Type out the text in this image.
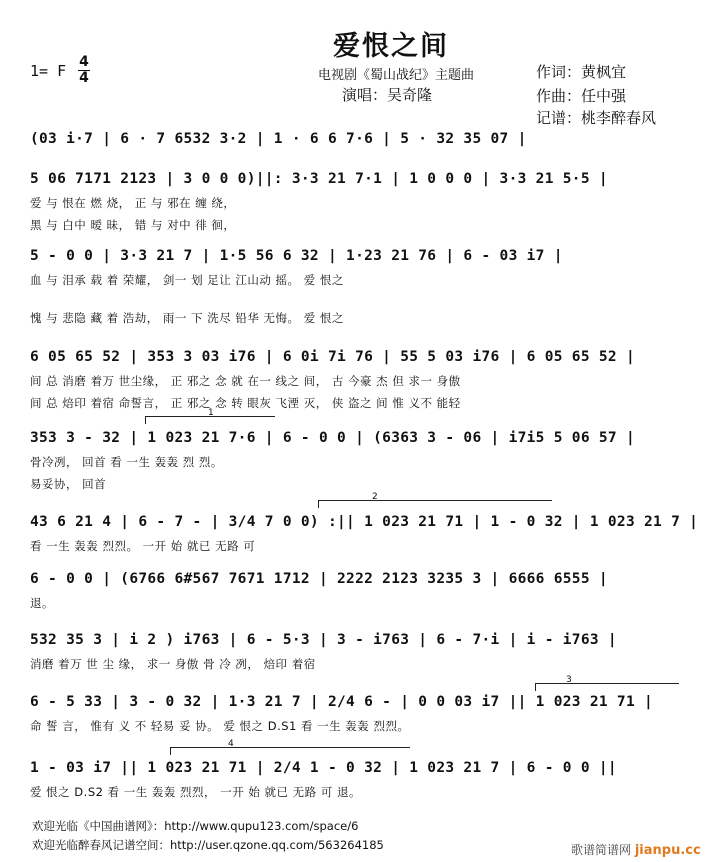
爱恨之间
1= F 4
4	电视剧《蜀山战纪》主题曲
演唱：吴奇隆
作词：黄枫宜
作曲：任中强
记谱：桃李醉春风
(03 i·7 | 6 · 7 6532 3·2 | 1 · 6 6 7·6 | 5 · 32 35 07 |
5 06 7171 2123 | 3 0 0 0)||: 3·3 21 7·1 | 1 0 0 0 | 3·3 21 5·5 |
爱 与 恨在 燃 烧， 正 与 邪在 缠 绕，
黑 与 白中 暧 昧， 错 与 对中 徘 徊，
5 - 0 0 | 3·3 21 7 | 1·5 56 6 32 | 1·23 21 76 | 6 - 03 i7 |
血 与 泪承 载 着 荣耀， 剑一 划 足让 江山动 摇。 爱 恨之
愧 与 悲隐 藏 着 浩劫， 雨一 下 洗尽 铅华 无悔。 爱 恨之
6 05 65 52 | 353 3 03 i76 | 6 0i 7i 76 | 55 5 03 i76 | 6 05 65 52 |
间 总 消磨 着万 世尘缘， 正 邪之 念 就 在一 线之 间， 古 今豪 杰 但 求一 身傲
间 总 焙印 着宿 命誓言， 正 邪之 念 转 眼灰 飞湮 灭， 侠 盗之 间 惟 义不 能轻
353 3 - 32 | 1 023 21 7·6 | 6 - 0 0 | (6363 3 - 06 | i7i5 5 06 57 |
骨冷冽， 回首 看 一生 轰轰 烈 烈。
易妥协， 回首
43 6 21 4 | 6 - 7 - | 3/4 7 0 0) :|| 1 023 21 71 | 1 - 0 32 | 1 023 21 7 |
看 一生 轰轰 烈烈。 一开 始 就已 无路 可
6 - 0 0 | (6766 6#567 7671 1712 | 2222 2123 3235 3 | 6666 6555 |
退。
532 35 3 | i 2 ) i763 | 6 - 5·3 | 3 - i763 | 6 - 7·i | i - i763 |
消磨 着万 世 尘 缘， 求一 身傲 骨 冷 冽， 焙印 着宿
6 - 5 33 | 3 - 0 32 | 1·3 21 7 | 2/4 6 - | 0 0 03 i7 || 1 023 21 71 |
命 誓 言， 惟有 义 不 轻易 妥 协。 爱 恨之 D.S1 看 一生 轰轰 烈烈。
1 - 03 i7 || 1 023 21 71 | 2/4 1 - 0 32 | 1 023 21 7 | 6 - 0 0 ||
爱 恨之 D.S2 看 一生 轰轰 烈烈， 一开 始 就已 无路 可 退。
1
2
3
4
欢迎光临《中国曲谱网》：http://www.qupu123.com/space/6
欢迎光临醉春风记谱空间：http://user.qzone.qq.com/563264185	歌谱简谱网 jianpu.cc
